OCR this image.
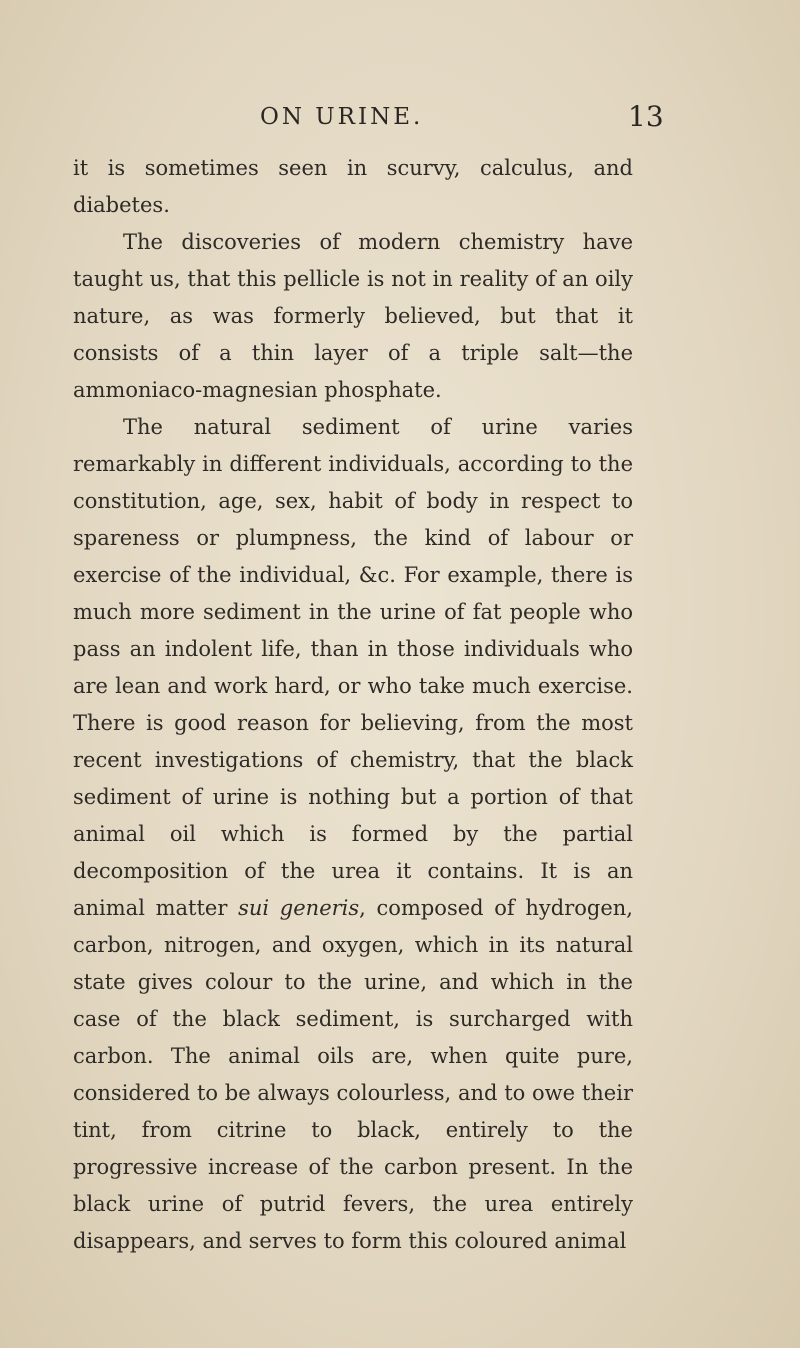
ON URINE.	13

it is sometimes seen in scurvy, calculus, and diabetes.

The discoveries of modern chemistry have taught us, that this pellicle is not in reality of an oily nature, as was formerly believed, but that it consists of a thin layer of a triple salt—the ammoniaco-magnesian phosphate.

The natural sediment of urine varies remarkably in different individuals, according to the constitution, age, sex, habit of body in respect to spareness or plumpness, the kind of labour or exercise of the individual, &c. For example, there is much more sediment in the urine of fat people who pass an indolent life, than in those individuals who are lean and work hard, or who take much exercise. There is good reason for believing, from the most recent investigations of chemistry, that the black sediment of urine is nothing but a portion of that animal oil which is formed by the partial decomposition of the urea it contains. It is an animal matter sui generis, composed of hydrogen, carbon, nitrogen, and oxygen, which in its natural state gives colour to the urine, and which in the case of the black sediment, is surcharged with carbon. The animal oils are, when quite pure, considered to be always colourless, and to owe their tint, from citrine to black, entirely to the progressive increase of the carbon present. In the black urine of putrid fevers, the urea entirely disappears, and serves to form this coloured animal
